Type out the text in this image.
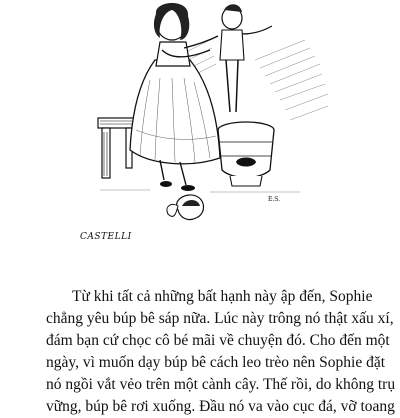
CASTELLI
E.S.
Từ khi tất cả những bất hạnh này ập đến, Sophie
chẳng yêu búp bê sáp nữa. Lúc này trông nó thật xấu xí,
đám bạn cứ chọc cô bé mãi về chuyện đó. Cho đến một
ngày, vì muốn dạy búp bê cách leo trèo nên Sophie đặt
nó ngồi vắt vẻo trên một cành cây. Thế rồi, do không trụ
vững, búp bê rơi xuống. Đầu nó va vào cục đá, vỡ toang
